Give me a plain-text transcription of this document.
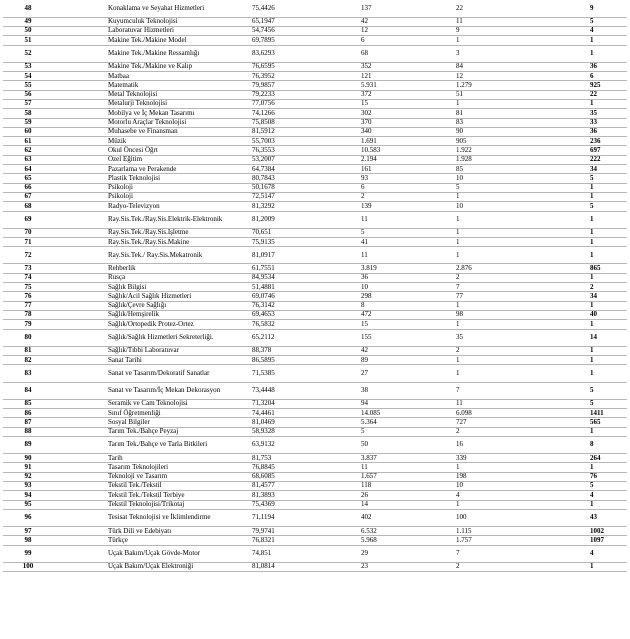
48	Konaklama ve Seyahat Hizmetleri	75,4426	137	22	9
49	Kuyumculuk Teknolojisi	65,1947	42	11	5
50	Laboratuvar Hizmetleri	54,7456	12	9	4
51	Makine Tek./Makine Model	69,7895	6	1	1
52	Makine Tek./Makine Ressamlığı	83,6293	68	3	1
53	Makine Tek./Makine ve Kalıp	76,6595	352	84	36
54	Matbaa	76,3952	121	12	6
55	Matematik	79,9857	5.931	1.279	925
56	Metal Teknolojisi	79,2233	372	51	22
57	Metalurji Teknolojisi	77,0756	15	1	1
58	Mobilya ve İç Mekan Tasarımı	74,1266	302	81	35
59	Motorlu Araçlar Teknolojisi	75,8508	370	83	33
60	Muhasebe ve Finansman	81,5912	340	90	36
61	Müzik	55,7003	1.691	905	236
62	Okul Öncesi Öğrt	76,3553	10.583	1.922	697
63	Özel Eğitim	53,2007	2.194	1.928	222
64	Pazarlama ve Perakende	64,7384	161	85	34
65	Plastik Teknolojisi	80,7843	93	10	5
66	Psikoloji	50,1678	6	5	1
67	Psikoloji	72,5147	2	1	1
68	Radyo-Televizyon	81,3292	139	10	5
69	Ray.Sis.Tek./Ray.Sis.Elektrik-Elektronik	81,2009	11	1	1
70	Ray.Sis.Tek./Ray.Sis.İşletme	70,651	5	1	1
71	Ray.Sis.Tek./Ray.Sis.Makine	75,9135	41	1	1
72	Ray.Sis.Tek./ Ray.Sis.Mekatronik	81,0917	11	1	1
73	Rehberlik	61,7551	3.819	2.876	865
74	Rusça	84,9534	36	2	1
75	Sağlık Bilgisi	51,4881	10	7	2
76	Sağlık/Acil Sağlık Hizmetleri	69,0746	298	77	34
77	Sağlık/Çevre Sağlığı	76,3142	8	1	1
78	Sağlık/Hemşirelik	69,4653	472	98	40
79	Sağlık/Ortopedik Protez-Ortez	76,5832	15	1	1
80	Sağlık/Sağlık Hizmetleri Sekreterliği.	65,2112	155	35	14
81	Sağlık/Tıbbi Laboratuvar	88,378	42	2	1
82	Sanat Tarihi	86,5895	89	1	1
83	Sanat ve Tasarım/Dekoratif Sanatlar	71,5385	27	1	1
84	Sanat ve Tasarım/İç Mekan Dekorasyon	73,4448	38	7	5
85	Seramik ve Cam Teknolojisi	71,3204	94	11	5
86	Sınıf Öğretmenliği	74,4461	14.085	6.098	1411
87	Sosyal Bilgiler	81,0469	5.364	727	565
88	Tarım Tek./Bahçe Peyzaj	58,9328	5	2	1
89	Tarım Tek./Bahçe ve Tarla Bitkileri	63,9132	50	16	8
90	Tarih	81,753	3.837	339	264
91	Tasarım Teknolojileri	76,8845	11	1	1
92	Teknoloji ve Tasarım	68,6085	1.657	198	76
93	Tekstil Tek./Tekstil	81,4577	118	10	5
94	Tekstil Tek./Tekstil Terbiye	81,3893	26	4	4
95	Tekstil Teknolojisi/Trikotaj	75,4369	14	1	1
96	Tesisat Teknolojisi ve İklimlendirme	71,1194	402	100	43
97	Türk Dili ve Edebiyatı	79,9741	6.532	1.115	1002
98	Türkçe	76,8321	5.968	1.757	1097
99	Uçak Bakım/Uçak Gövde-Motor	74,851	29	7	4
100	Uçak Bakım/Uçak Elektroniği	81,0814	23	2	1
